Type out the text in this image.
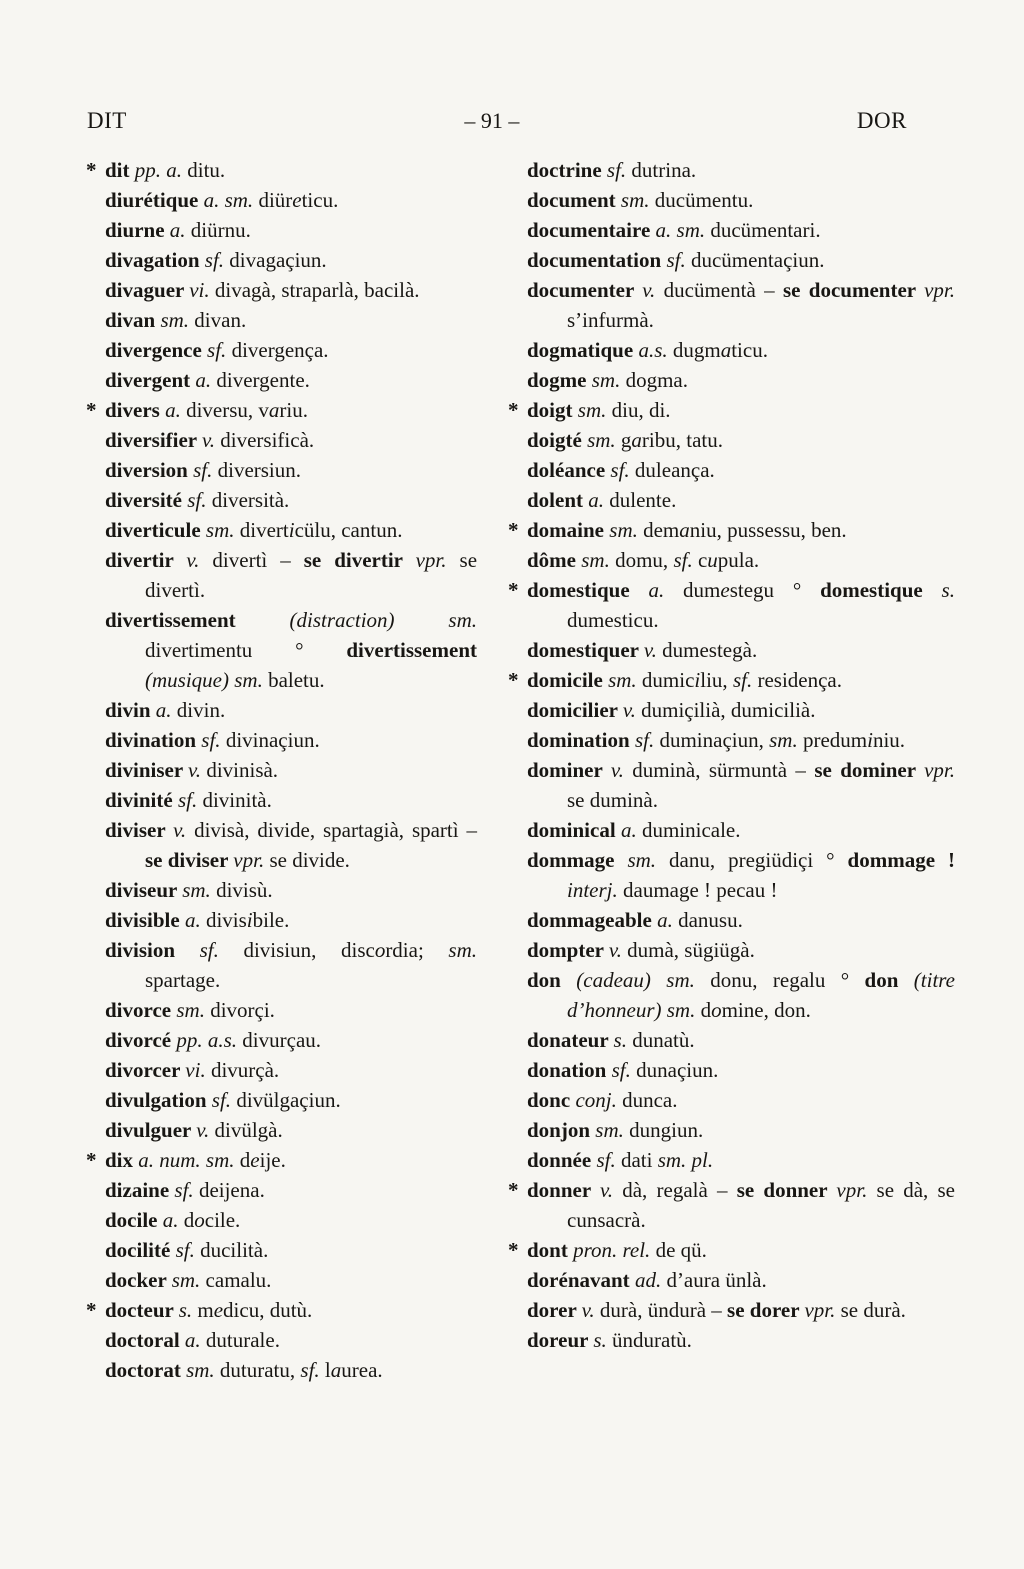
DIT	– 91 –	DOR
* dit pp. a. ditu.
diurétique a. sm. diüreticu.
diurne a. diürnu.
divagation sf. divagaçiun.
divaguer vi. divagà, straparlà, bacilà.
divan sm. divan.
divergence sf. divergença.
divergent a. divergente.
* divers a. diversu, variu.
diversifier v. diversificà.
diversion sf. diversiun.
diversité sf. diversità.
diverticule sm. diverticülu, cantun.
divertir v. divertì – se divertir vpr. se divertì.
divertissement (distraction) sm. divertimentu ° divertissement (musique) sm. baletu.
divin a. divin.
divination sf. divinaçiun.
diviniser v. divinisà.
divinité sf. divinità.
diviser v. divisà, divide, spartagià, spartì – se diviser vpr. se divide.
diviseur sm. divisù.
divisible a. divisibile.
division sf. divisiun, discordia; sm. spartage.
divorce sm. divorçi.
divorcé pp. a.s. divurçau.
divorcer vi. divurçà.
divulgation sf. divülgaçiun.
divulguer v. divülgà.
* dix a. num. sm. deije.
dizaine sf. deijena.
docile a. docile.
docilité sf. ducilità.
docker sm. camalu.
* docteur s. medicu, dutù.
doctoral a. duturale.
doctorat sm. duturatu, sf. laurea.
doctrine sf. dutrina.
document sm. ducümentu.
documentaire a. sm. ducümentari.
documentation sf. ducümentaçiun.
documenter v. ducümentà – se documenter vpr. s’infurmà.
dogmatique a.s. dugmaticu.
dogme sm. dogma.
* doigt sm. diu, di.
doigté sm. garibu, tatu.
doléance sf. duleança.
dolent a. dulente.
* domaine sm. demaniu, pussessu, ben.
dôme sm. domu, sf. cupula.
* domestique a. dumestegu ° domestique s. dumesticu.
domestiquer v. dumestegà.
* domicile sm. dumiciliu, sf. residença.
domicilier v. dumiçilià, dumicilià.
domination sf. duminaçiun, sm. preduminiu.
dominer v. duminà, sürmuntà – se dominer vpr. se duminà.
dominical a. duminicale.
dommage sm. danu, pregiüdiçi ° dommage ! interj. daumage ! pecau !
dommageable a. danusu.
dompter v. dumà, sügiügà.
don (cadeau) sm. donu, regalu ° don (titre d’honneur) sm. domine, don.
donateur s. dunatù.
donation sf. dunaçiun.
donc conj. dunca.
donjon sm. dungiun.
donnée sf. dati sm. pl.
* donner v. dà, regalà – se donner vpr. se dà, se cunsacrà.
* dont pron. rel. de qü.
dorénavant ad. d’aura ünlà.
dorer v. durà, ündurà – se dorer vpr. se durà.
doreur s. ünduratù.
